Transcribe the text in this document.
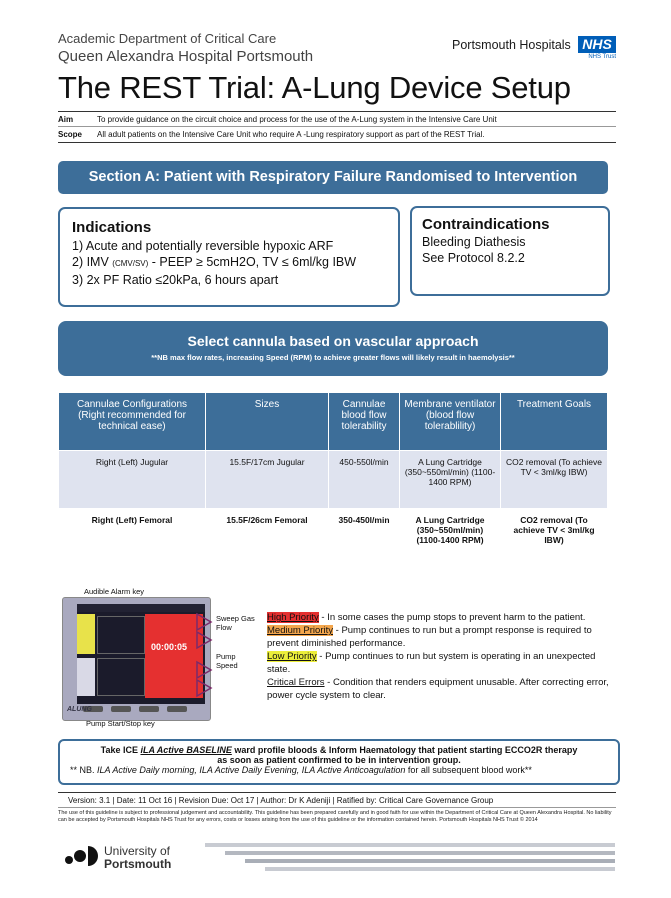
Academic Department of Critical Care
Queen Alexandra Hospital Portsmouth
Portsmouth Hospitals NHS
NHS Trust
The REST Trial: A-Lung Device Setup
Aim	To provide guidance on the circuit choice and process for the use of the A-Lung system in the Intensive Care Unit
Scope All adult patients on the Intensive Care Unit who require A -Lung respiratory support as part of the REST Trial.
Section A: Patient with Respiratory Failure Randomised to Intervention
Indications
1) Acute and potentially reversible hypoxic ARF
2) IMV (CMV/SV) - PEEP ≥ 5cmH2O, TV ≤ 6ml/kg IBW
3) 2x PF Ratio ≤20kPa, 6 hours apart
Contraindications
Bleeding Diathesis
See Protocol 8.2.2
Select cannula based on vascular approach
**NB max flow rates, increasing Speed (RPM) to achieve greater flows will likely result in haemolysis**
Cannulae Configurations (Right recommended for technical ease)	Sizes	Cannulae blood flow tolerability	Membrane ventilator (blood flow tolerablility)	Treatment Goals
Right (Left) Jugular	15.5F/17cm Jugular	450-550l/min	A Lung Cartridge (350~550ml/min) (1100-1400 RPM)	CO2 removal (To achieve TV < 3ml/kg IBW)
Right (Left) Femoral	15.5F/26cm Femoral	350-450l/min	A Lung Cartridge (350~550ml/min) (1100-1400 RPM)	CO2 removal (To achieve TV < 3ml/kg IBW)
Audible Alarm key
00:00:05
ALUNG
Sweep Gas Flow
Pump Speed
Pump Start/Stop key

High Priority - In some cases the pump stops to prevent harm to the patient.

Medium Priority - Pump continues to run but a prompt response is required to prevent diminished performance.

Low Priority - Pump continues to run but system is operating in an unexpected state.

Critical Errors - Condition that renders equipment unusable. After correcting error, power cycle system to clear.

Take ICE iLA Active BASELINE ward profile bloods & Inform Haematology that patient starting ECCO2R therapy
as soon as patient confirmed to be in intervention group.
** NB. ILA Active Daily morning, ILA Active Daily Evening, ILA Active Anticoagulation for all subsequent blood work**
Version: 3.1 | Date: 11 Oct 16 | Revision Due: Oct 17 | Author: Dr K Adeniji | Ratified by: Critical Care Governance Group
The use of this guideline is subject to professional judgement and accountability. This guideline has been prepared carefully and in good faith for use within the Department of Critical Care at Queen Alexandra Hospital. No liability can be accepted by Portsmouth Hospitals NHS Trust for any errors, costs or losses arising from the use of this guideline or the information contained herein. Portsmouth Hospitals NHS Trust © 2014
University of
Portsmouth
